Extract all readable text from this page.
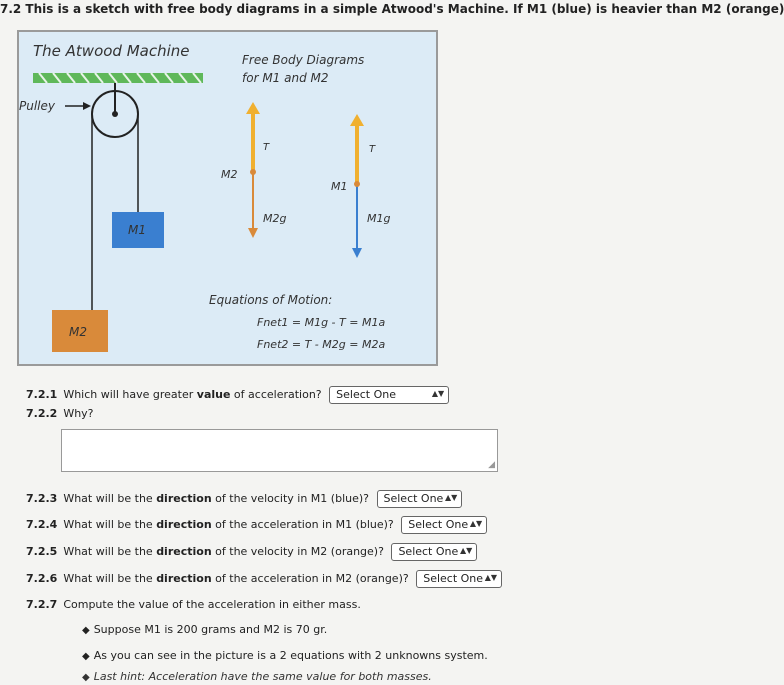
7.2 This is a sketch with free body diagrams in a simple Atwood's Machine. If M1 (blue) is heavier than M2 (orange)
The Atwood Machine
Pulley
M1
M2
Free Body Diagrams
for M1 and M2
M2
T
M2g
M1
T
M1g
Equations of Motion:
Fnet1 = M1g - T = M1a
Fnet2 = T - M2g = M2a
7.2.1 Which will have greater value of acceleration? Select One	▲▼
7.2.2 Why?
◢
7.2.3 What will be the direction of the velocity in M1 (blue)? Select One ▲▼
7.2.4 What will be the direction of the acceleration in M1 (blue)? Select One ▲▼
7.2.5 What will be the direction of the velocity in M2 (orange)? Select One ▲▼
7.2.6 What will be the direction of the acceleration in M2 (orange)? Select One ▲▼
7.2.7 Compute the value of the acceleration in either mass.
◆ Suppose M1 is 200 grams and M2 is 70 gr.
◆ As you can see in the picture is a 2 equations with 2 unknowns system.
◆ Last hint: Acceleration have the same value for both masses.
